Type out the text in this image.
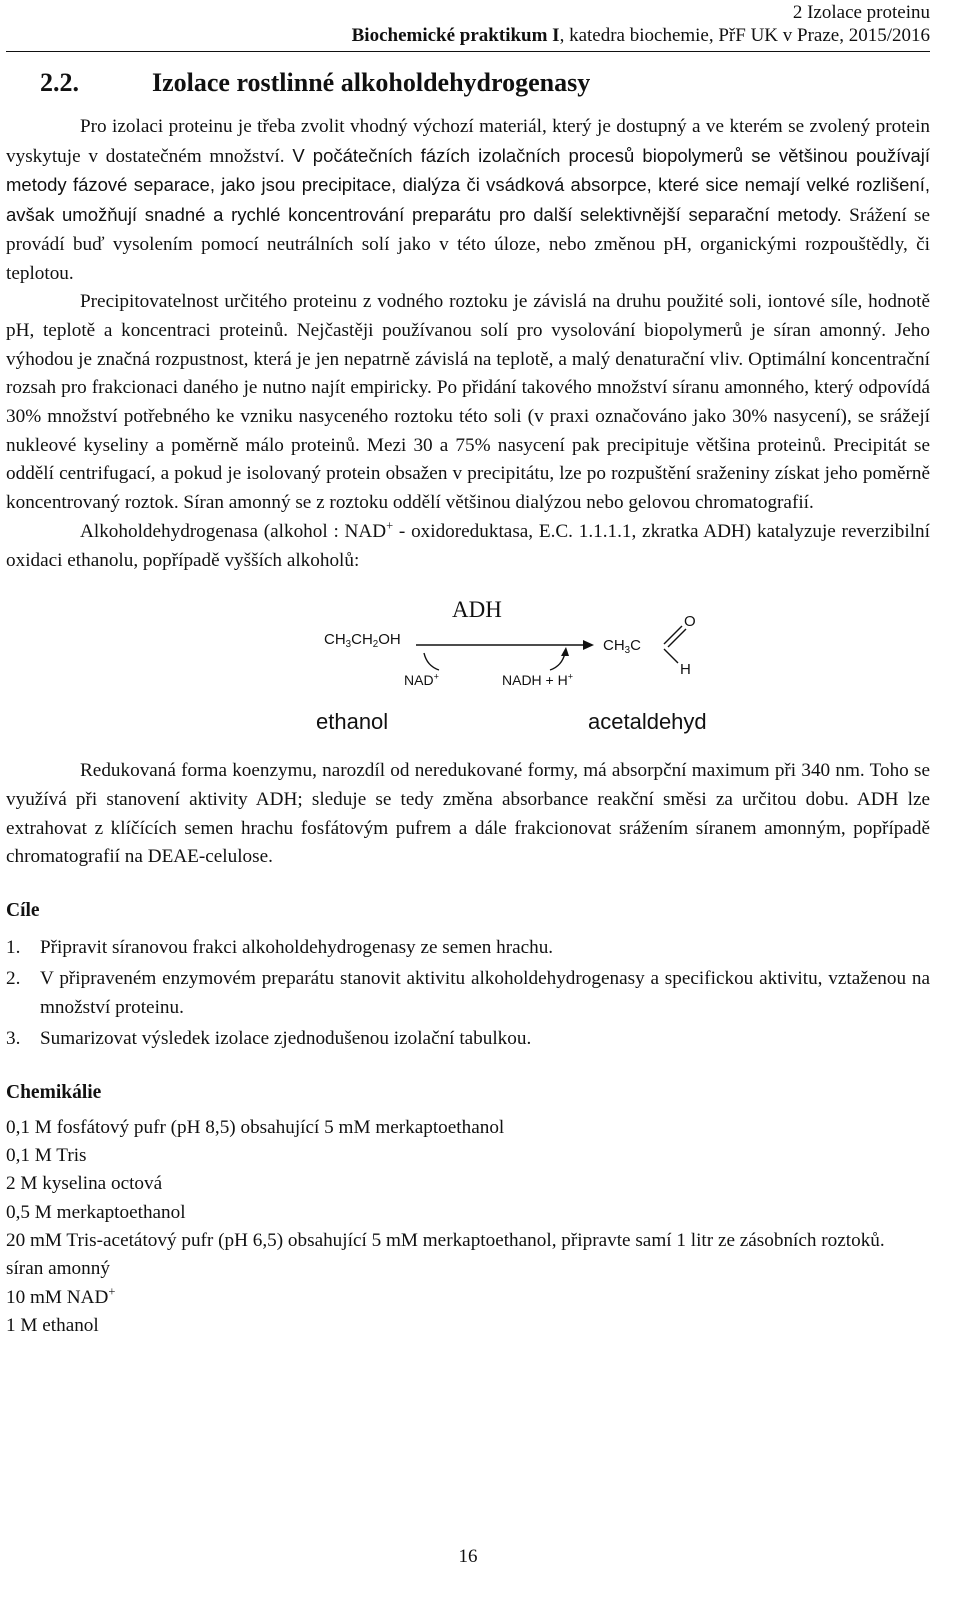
2 Izolace proteinu
Biochemické praktikum I, katedra biochemie, PřF UK v Praze, 2015/2016
2.2.	Izolace rostlinné alkoholdehydrogenasy

Pro izolaci proteinu je třeba zvolit vhodný výchozí materiál, který je dostupný a ve kterém se zvolený protein vyskytuje v dostatečném množství. V počátečních fázích izolačních procesů biopolymerů se většinou používají metody fázové separace, jako jsou precipitace, dialýza či vsádková absorpce, které sice nemají velké rozlišení, avšak umožňují snadné a rychlé koncentrování preparátu pro další selektivnější separační metody. Srážení se provádí buď vysolením pomocí neutrálních solí jako v této úloze, nebo změnou pH, organickými rozpouštědly, či teplotou.

Precipitovatelnost určitého proteinu z vodného roztoku je závislá na druhu použité soli, iontové síle, hodnotě pH, teplotě a koncentraci proteinů. Nejčastěji používanou solí pro vysolování biopolymerů je síran amonný. Jeho výhodou je značná rozpustnost, která je jen nepatrně závislá na teplotě, a malý denaturační vliv. Optimální koncentrační rozsah pro frakcionaci daného je nutno najít empiricky. Po přidání takového množství síranu amonného, který odpovídá 30% množství potřebného ke vzniku nasyceného roztoku této soli (v praxi označováno jako 30% nasycení), se srážejí nukleové kyseliny a poměrně málo proteinů. Mezi 30 a 75% nasycení pak precipituje většina proteinů. Precipitát se oddělí centrifugací, a pokud je isolovaný protein obsažen v precipitátu, lze po rozpuštění sraženiny získat jeho poměrně koncentrovaný roztok. Síran amonný se z roztoku oddělí většinou dialýzou nebo gelovou chromatografií.

Alkoholdehydrogenasa (alkohol : NAD+ - oxidoreduktasa, E.C. 1.1.1.1, zkratka ADH) katalyzuje reverzibilní oxidaci ethanolu, popřípadě vyšších alkoholů:

ADH
$CH_3CH_2OH$	$CH_3C$
O
H
NAD+	NADH + H+
ethanol	acetaldehyd

Redukovaná forma koenzymu, narozdíl od neredukované formy, má absorpční maximum při 340 nm. Toho se využívá při stanovení aktivity ADH; sleduje se tedy změna absorbance reakční směsi za určitou dobu. ADH lze extrahovat z klíčících semen hrachu fosfátovým pufrem a dále frakcionovat srážením síranem amonným, popřípadě chromatografií na DEAE-celulose.

Cíle
1. Připravit síranovou frakci alkoholdehydrogenasy ze semen hrachu.
2. V připraveném enzymovém preparátu stanovit aktivitu alkoholdehydrogenasy a specifickou aktivitu, vztaženou na množství proteinu.
3. Sumarizovat výsledek izolace zjednodušenou izolační tabulkou.
Chemikálie
0,1 M fosfátový pufr (pH 8,5) obsahující 5 mM merkaptoethanol
0,1 M Tris
2 M kyselina octová
0,5 M merkaptoethanol
20 mM Tris-acetátový pufr (pH 6,5) obsahující 5 mM merkaptoethanol, připravte samí 1 litr ze zásobních roztoků.
síran amonný
10 mM NAD+
1 M ethanol
16
